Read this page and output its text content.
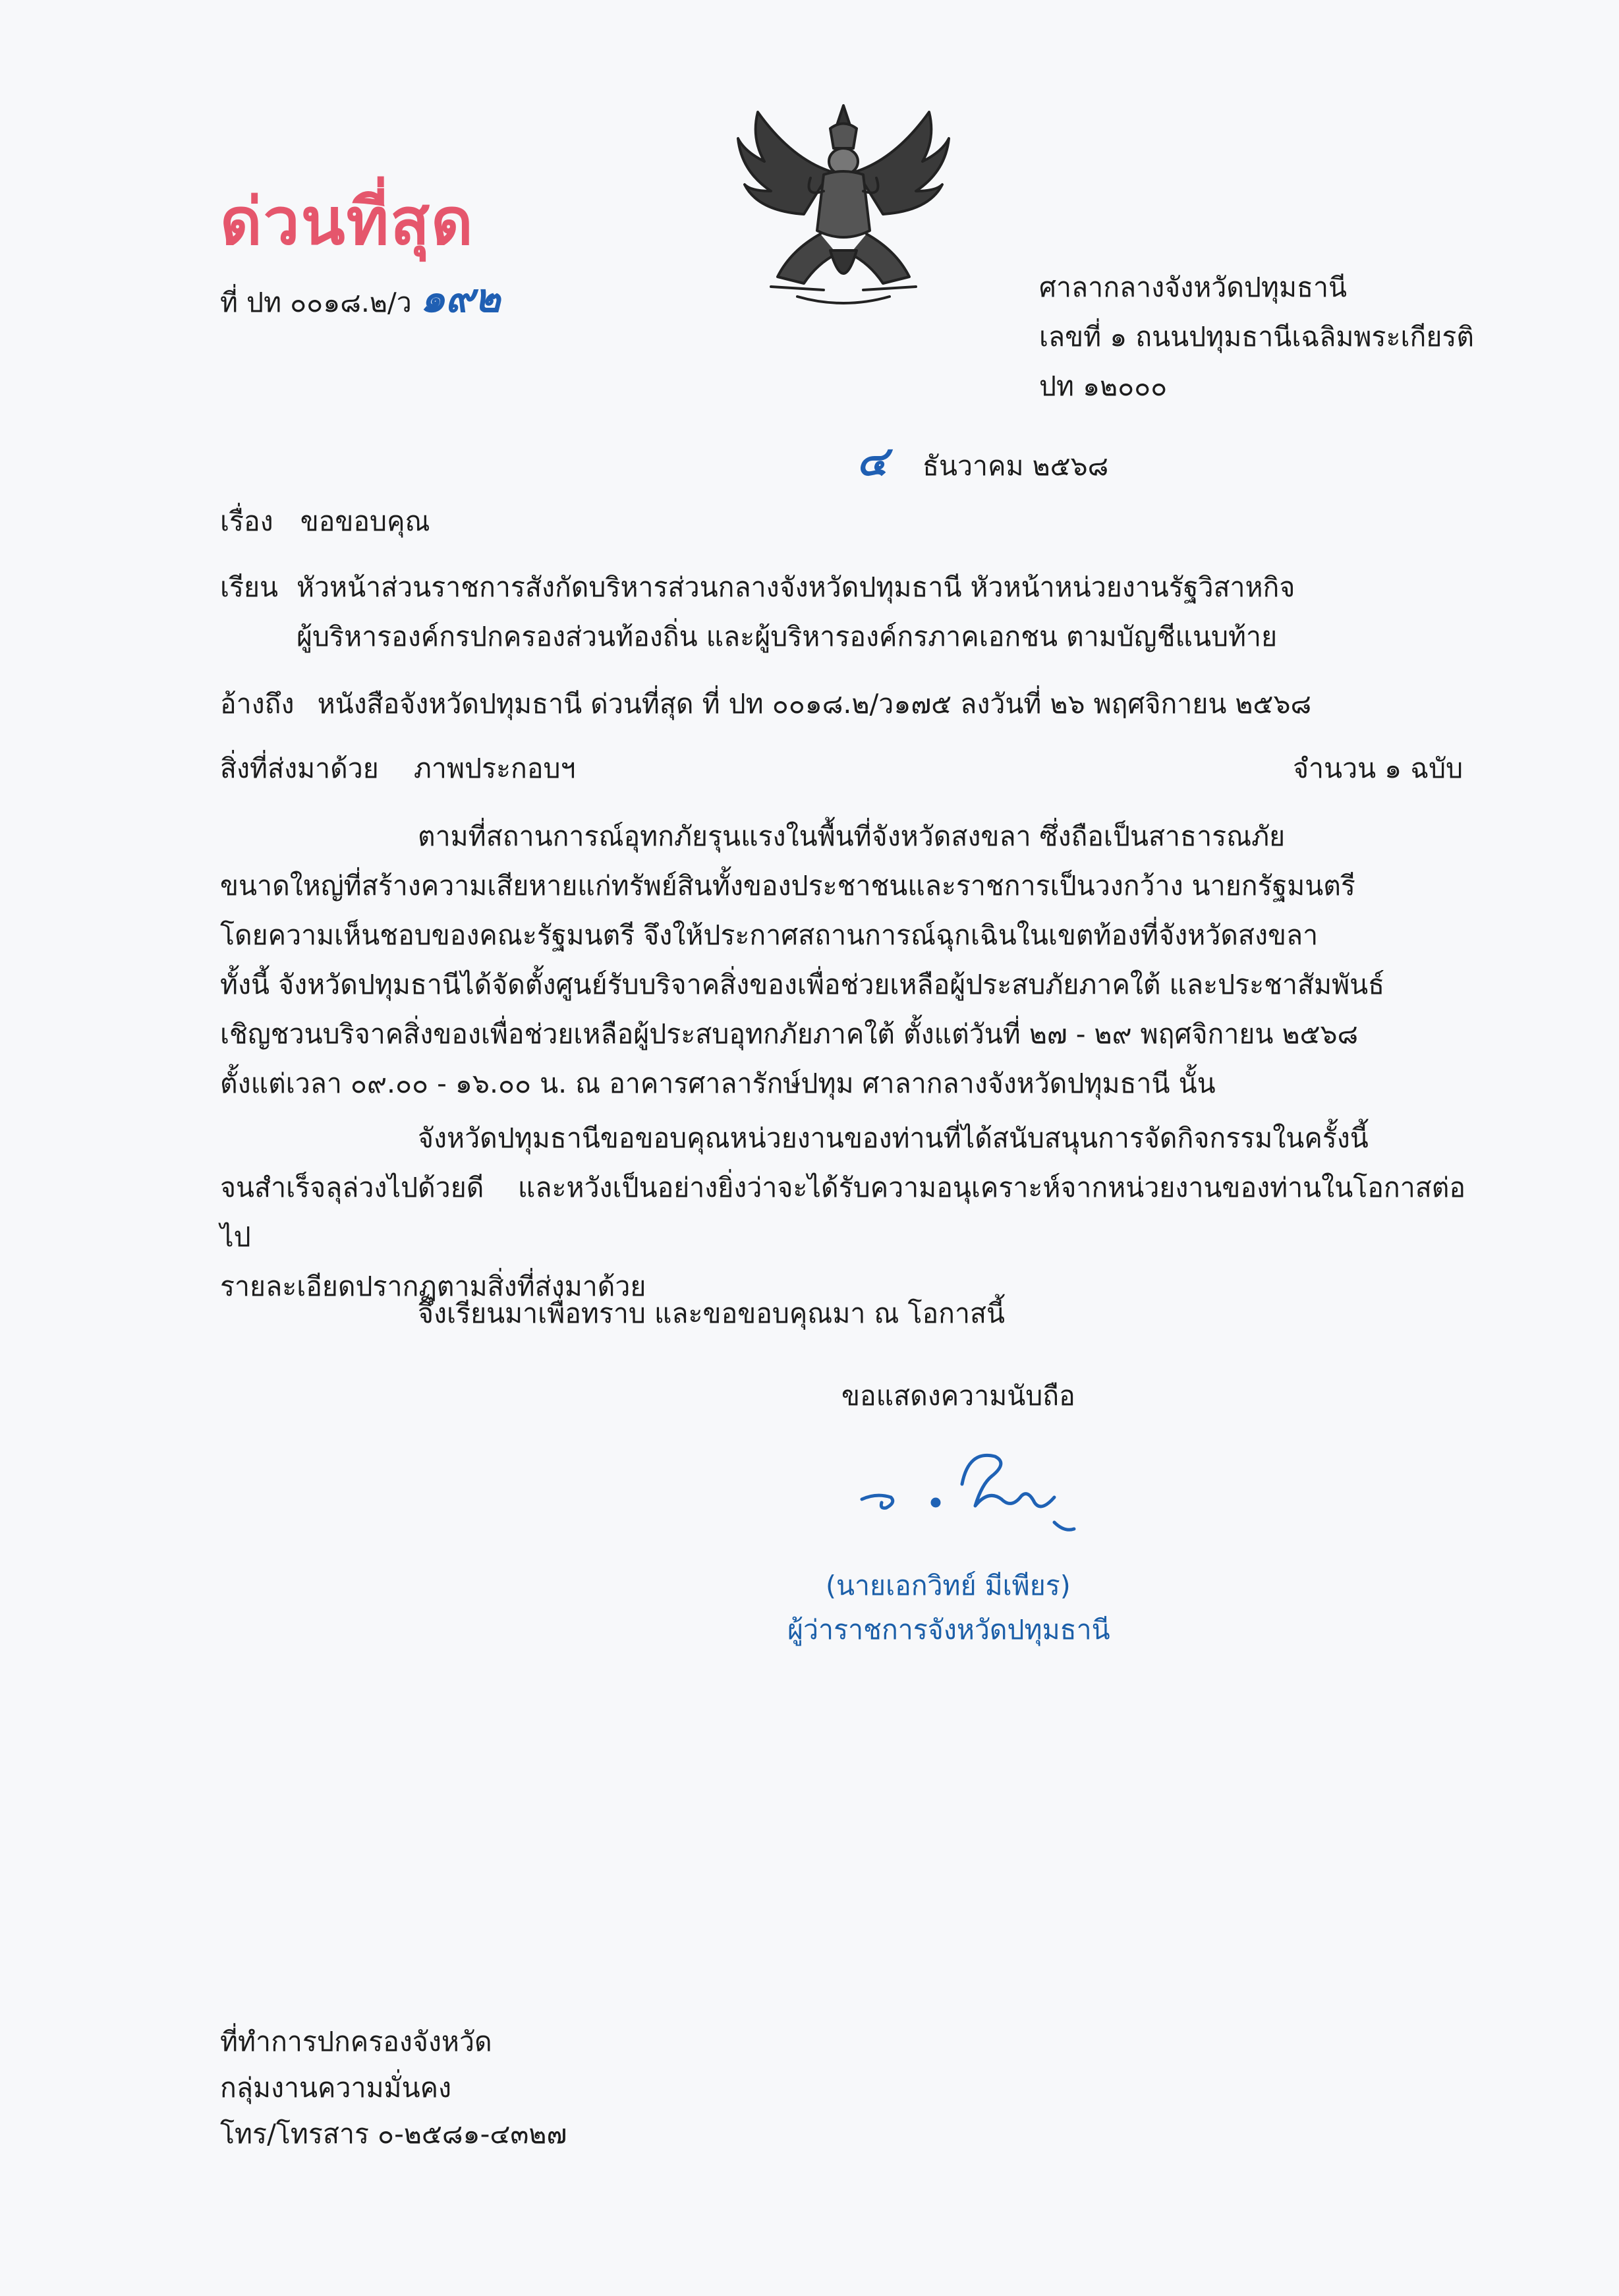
ด่วนที่สุด
ที่ ปท ๐๐๑๘.๒/ว ๑๙๒	ศาลากลางจังหวัดปทุมธานี
เลขที่ ๑ ถนนปทุมธานีเฉลิมพระเกียรติ
ปท ๑๒๐๐๐
๔ ธันวาคม ๒๕๖๘
เรื่อง ขอขอบคุณ
เรียน หัวหน้าส่วนราชการสังกัดบริหารส่วนกลางจังหวัดปทุมธานี หัวหน้าหน่วยงานรัฐวิสาหกิจ
ผู้บริหารองค์กรปกครองส่วนท้องถิ่น และผู้บริหารองค์กรภาคเอกชน ตามบัญชีแนบท้าย
อ้างถึง หนังสือจังหวัดปทุมธานี ด่วนที่สุด ที่ ปท ๐๐๑๘.๒/ว๑๗๕ ลงวันที่ ๒๖ พฤศจิกายน ๒๕๖๘
สิ่งที่ส่งมาด้วย ภาพประกอบฯ	จำนวน ๑ ฉบับ
ตามที่สถานการณ์อุทกภัยรุนแรงในพื้นที่จังหวัดสงขลา ซึ่งถือเป็นสาธารณภัย
ขนาดใหญ่ที่สร้างความเสียหายแก่ทรัพย์สินทั้งของประชาชนและราชการเป็นวงกว้าง นายกรัฐมนตรี
โดยความเห็นชอบของคณะรัฐมนตรี จึงให้ประกาศสถานการณ์ฉุกเฉินในเขตท้องที่จังหวัดสงขลา
ทั้งนี้ จังหวัดปทุมธานีได้จัดตั้งศูนย์รับบริจาคสิ่งของเพื่อช่วยเหลือผู้ประสบภัยภาคใต้ และประชาสัมพันธ์
เชิญชวนบริจาคสิ่งของเพื่อช่วยเหลือผู้ประสบอุทกภัยภาคใต้ ตั้งแต่วันที่ ๒๗ - ๒๙ พฤศจิกายน ๒๕๖๘
ตั้งแต่เวลา ๐๙.๐๐ - ๑๖.๐๐ น. ณ อาคารศาลารักษ์ปทุม ศาลากลางจังหวัดปทุมธานี นั้น
จังหวัดปทุมธานีขอขอบคุณหน่วยงานของท่านที่ได้สนับสนุนการจัดกิจกรรมในครั้งนี้
จนสำเร็จลุล่วงไปด้วยดี และหวังเป็นอย่างยิ่งว่าจะได้รับความอนุเคราะห์จากหน่วยงานของท่านในโอกาสต่อไป
รายละเอียดปรากฏตามสิ่งที่ส่งมาด้วย
จึงเรียนมาเพื่อทราบ และขอขอบคุณมา ณ โอกาสนี้
ขอแสดงความนับถือ
(นายเอกวิทย์ มีเพียร)
ผู้ว่าราชการจังหวัดปทุมธานี
ที่ทำการปกครองจังหวัด
กลุ่มงานความมั่นคง
โทร/โทรสาร ๐-๒๕๘๑-๔๓๒๗
